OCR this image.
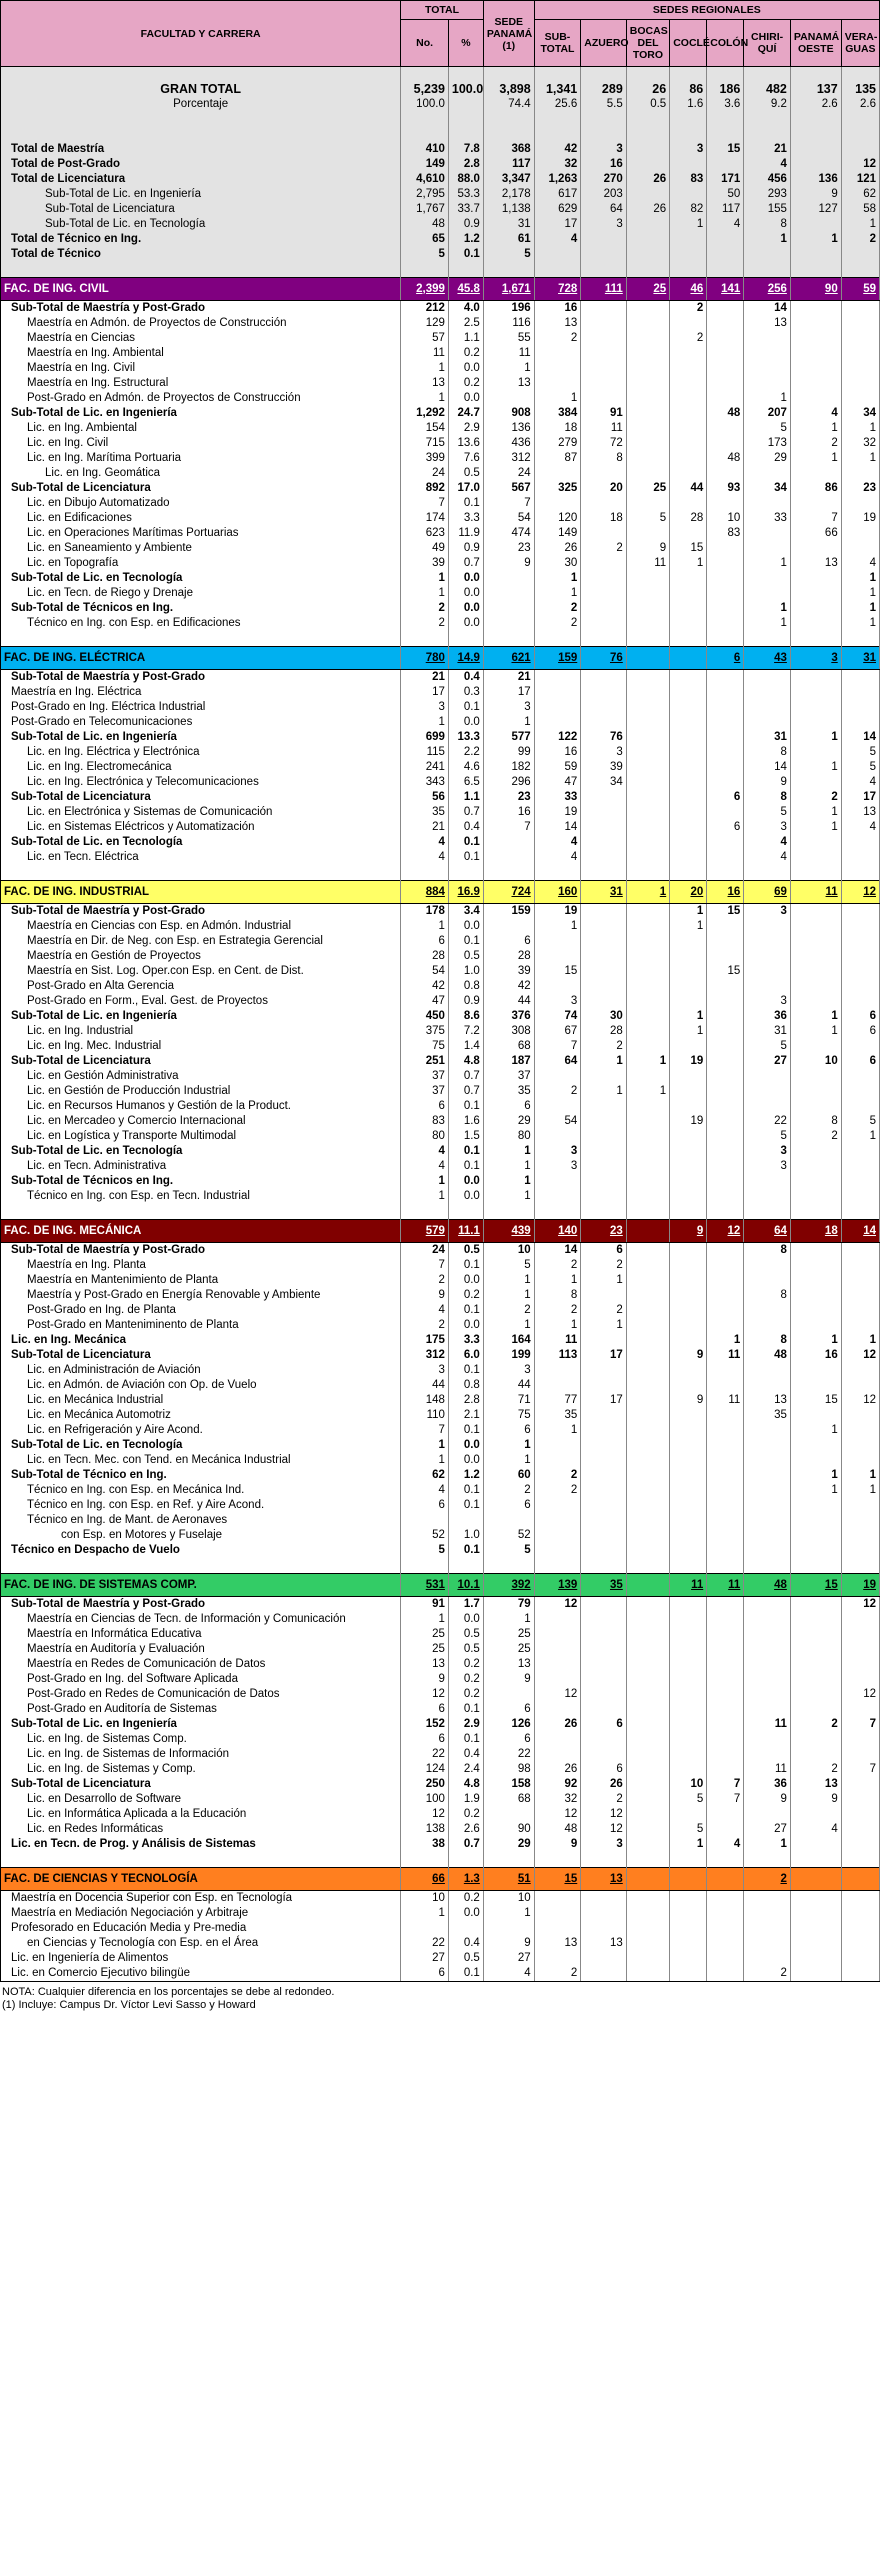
FACULTAD Y CARRERA	TOTAL		SEDE PANAMÁ (1)	SEDES REGIONALES							
	No.	%		SUB- TOTAL	AZUERO	BOCAS DEL TORO	COCLÉ	COLÓN	CHIRI- QUÍ	PANAMÁ OESTE	VERA- GUAS

GRAN TOTAL	5,239	100.0	3,898	1,341	289	26	86	186	482	137	135
Porcentaje	100.0		74.4	25.6	5.5	0.5	1.6	3.6	9.2	2.6	2.6

Total de Maestría	410	7.8	368	42	3		3	15	21		
Total de Post-Grado	149	2.8	117	32	16				4		12
Total de Licenciatura	4,610	88.0	3,347	1,263	270	26	83	171	456	136	121
Sub-Total de Lic. en Ingeniería	2,795	53.3	2,178	617	203			50	293	9	62
Sub-Total de Licenciatura	1,767	33.7	1,138	629	64	26	82	117	155	127	58
Sub-Total de Lic. en Tecnología	48	0.9	31	17	3		1	4	8		1
Total de Técnico en Ing.	65	1.2	61	4					1	1	2
Total de Técnico	5	0.1	5								

FAC. DE ING. CIVIL	2,399	45.8	1,671	728	111	25	46	141	256	90	59
Sub-Total de Maestría y Post-Grado	212	4.0	196	16			2		14		
Maestría en Admón. de Proyectos de Construcción	129	2.5	116	13					13		
Maestría en Ciencias	57	1.1	55	2			2				
Maestría en Ing. Ambiental	11	0.2	11								
Maestría en Ing. Civil	1	0.0	1								
Maestría en Ing. Estructural	13	0.2	13								
Post-Grado en Admón. de Proyectos de Construcción	1	0.0		1					1		
Sub-Total de Lic. en Ingeniería	1,292	24.7	908	384	91			48	207	4	34
Lic. en Ing. Ambiental	154	2.9	136	18	11				5	1	1
Lic. en Ing. Civil	715	13.6	436	279	72				173	2	32
Lic. en Ing. Marítima Portuaria	399	7.6	312	87	8			48	29	1	1
Lic. en Ing. Geomática	24	0.5	24								
Sub-Total de Licenciatura	892	17.0	567	325	20	25	44	93	34	86	23
Lic. en Dibujo Automatizado	7	0.1	7								
Lic. en Edificaciones	174	3.3	54	120	18	5	28	10	33	7	19
Lic. en Operaciones Marítimas Portuarias	623	11.9	474	149				83		66	
Lic. en Saneamiento y Ambiente	49	0.9	23	26	2	9	15				
Lic. en Topografía	39	0.7	9	30		11	1		1	13	4
Sub-Total de Lic. en Tecnología	1	0.0		1							1
Lic. en Tecn. de Riego y Drenaje	1	0.0		1							1
Sub-Total de Técnicos en Ing.	2	0.0		2					1		1
Técnico en Ing. con Esp. en Edificaciones	2	0.0		2					1		1

FAC. DE ING. ELÉCTRICA	780	14.9	621	159	76			6	43	3	31
Sub-Total de Maestría y Post-Grado	21	0.4	21								
Maestría en Ing. Eléctrica	17	0.3	17								
Post-Grado en Ing. Eléctrica Industrial	3	0.1	3								
Post-Grado en Telecomunicaciones	1	0.0	1								
Sub-Total de Lic. en Ingeniería	699	13.3	577	122	76				31	1	14
Lic. en Ing. Eléctrica y Electrónica	115	2.2	99	16	3				8		5
Lic. en Ing. Electromecánica	241	4.6	182	59	39				14	1	5
Lic. en Ing. Electrónica y Telecomunicaciones	343	6.5	296	47	34				9		4
Sub-Total de Licenciatura	56	1.1	23	33				6	8	2	17
Lic. en Electrónica y Sistemas de Comunicación	35	0.7	16	19					5	1	13
Lic. en Sistemas Eléctricos y Automatización	21	0.4	7	14				6	3	1	4
Sub-Total de Lic. en Tecnología	4	0.1		4					4		
Lic. en Tecn. Eléctrica	4	0.1		4					4		

FAC. DE ING. INDUSTRIAL	884	16.9	724	160	31	1	20	16	69	11	12
Sub-Total de Maestría y Post-Grado	178	3.4	159	19			1	15	3		
Maestría en Ciencias con Esp. en Admón. Industrial	1	0.0		1			1				
Maestría en Dir. de Neg. con Esp. en Estrategia Gerencial	6	0.1	6								
Maestría en Gestión de Proyectos	28	0.5	28								
Maestría en Sist. Log. Oper.con Esp. en Cent. de Dist.	54	1.0	39	15				15			
Post-Grado en Alta Gerencia	42	0.8	42								
Post-Grado en Form., Eval. Gest. de Proyectos	47	0.9	44	3					3		
Sub-Total de Lic. en Ingeniería	450	8.6	376	74	30		1		36	1	6
Lic. en Ing. Industrial	375	7.2	308	67	28		1		31	1	6
Lic. en Ing. Mec. Industrial	75	1.4	68	7	2				5		
Sub-Total de Licenciatura	251	4.8	187	64	1	1	19		27	10	6
Lic. en Gestión Administrativa	37	0.7	37								
Lic. en Gestión de Producción Industrial	37	0.7	35	2	1	1					
Lic. en Recursos Humanos y Gestión de la Product.	6	0.1	6								
Lic. en Mercadeo y Comercio Internacional	83	1.6	29	54			19		22	8	5
Lic. en Logística y Transporte Multimodal	80	1.5	80						5	2	1
Sub-Total de Lic. en Tecnología	4	0.1	1	3					3		
Lic. en Tecn. Administrativa	4	0.1	1	3					3		
Sub-Total de Técnicos en Ing.	1	0.0	1								
Técnico en Ing. con Esp. en Tecn. Industrial	1	0.0	1								

FAC. DE ING. MECÁNICA	579	11.1	439	140	23		9	12	64	18	14
Sub-Total de Maestría y Post-Grado	24	0.5	10	14	6				8		
Maestría en Ing. Planta	7	0.1	5	2	2						
Maestría en Mantenimiento de Planta	2	0.0	1	1	1						
Maestría y Post-Grado en Energía Renovable y Ambiente	9	0.2	1	8					8		
Post-Grado en Ing. de Planta	4	0.1	2	2	2						
Post-Grado en Manteniminento de Planta	2	0.0	1	1	1						
Lic. en Ing. Mecánica	175	3.3	164	11				1	8	1	1
Sub-Total de Licenciatura	312	6.0	199	113	17		9	11	48	16	12
Lic. en Administración de Aviación	3	0.1	3								
Lic. en Admón. de Aviación con Op. de Vuelo	44	0.8	44								
Lic. en Mecánica Industrial	148	2.8	71	77	17		9	11	13	15	12
Lic. en Mecánica Automotriz	110	2.1	75	35					35		
Lic. en Refrigeración y Aire Acond.	7	0.1	6	1						1	
Sub-Total de Lic. en Tecnología	1	0.0	1								
Lic. en Tecn. Mec. con Tend. en Mecánica Industrial	1	0.0	1								
Sub-Total de Técnico en Ing.	62	1.2	60	2						1	1
Técnico en Ing. con Esp. en Mecánica Ind.	4	0.1	2	2						1	1
Técnico en Ing. con Esp. en Ref. y Aire Acond.	6	0.1	6								
Técnico en Ing. de Mant. de Aeronaves											
con Esp. en Motores y Fuselaje	52	1.0	52								
Técnico en Despacho de Vuelo	5	0.1	5								

FAC. DE ING. DE SISTEMAS COMP.	531	10.1	392	139	35		11	11	48	15	19
Sub-Total de Maestría y Post-Grado	91	1.7	79	12							12
Maestría en Ciencias de Tecn. de Información y Comunicación	1	0.0	1								
Maestría en Informática Educativa	25	0.5	25								
Maestría en Auditoría y Evaluación	25	0.5	25								
Maestría en Redes de Comunicación de Datos	13	0.2	13								
Post-Grado en Ing. del Software Aplicada	9	0.2	9								
Post-Grado en Redes de Comunicación de Datos	12	0.2		12							12
Post-Grado en Auditoría de Sistemas	6	0.1	6								
Sub-Total de Lic. en Ingeniería	152	2.9	126	26	6				11	2	7
Lic. en Ing. de Sistemas Comp.	6	0.1	6								
Lic. en Ing. de Sistemas de Información	22	0.4	22								
Lic. en Ing. de Sistemas y Comp.	124	2.4	98	26	6				11	2	7
Sub-Total de Licenciatura	250	4.8	158	92	26		10	7	36	13	
Lic. en Desarrollo de Software	100	1.9	68	32	2		5	7	9	9	
Lic. en Informática Aplicada a la Educación	12	0.2		12	12						
Lic. en Redes Informáticas	138	2.6	90	48	12		5		27	4	
Lic. en Tecn. de Prog. y Análisis de Sistemas	38	0.7	29	9	3		1	4	1		

FAC. DE CIENCIAS Y TECNOLOGÍA	66	1.3	51	15	13				2		
Maestría en Docencia Superior con Esp. en Tecnología	10	0.2	10								
Maestría en Mediación Negociación y Arbitraje	1	0.0	1								
Profesorado en Educación Media y Pre-media											
en Ciencias y Tecnología con Esp. en el Área	22	0.4	9	13	13						
Lic. en Ingeniería de Alimentos	27	0.5	27								
Lic. en Comercio Ejecutivo bilingüe	6	0.1	4	2					2		
NOTA: Cualquier diferencia en los porcentajes se debe al redondeo.
(1) Incluye: Campus Dr. Víctor Levi Sasso y Howard
